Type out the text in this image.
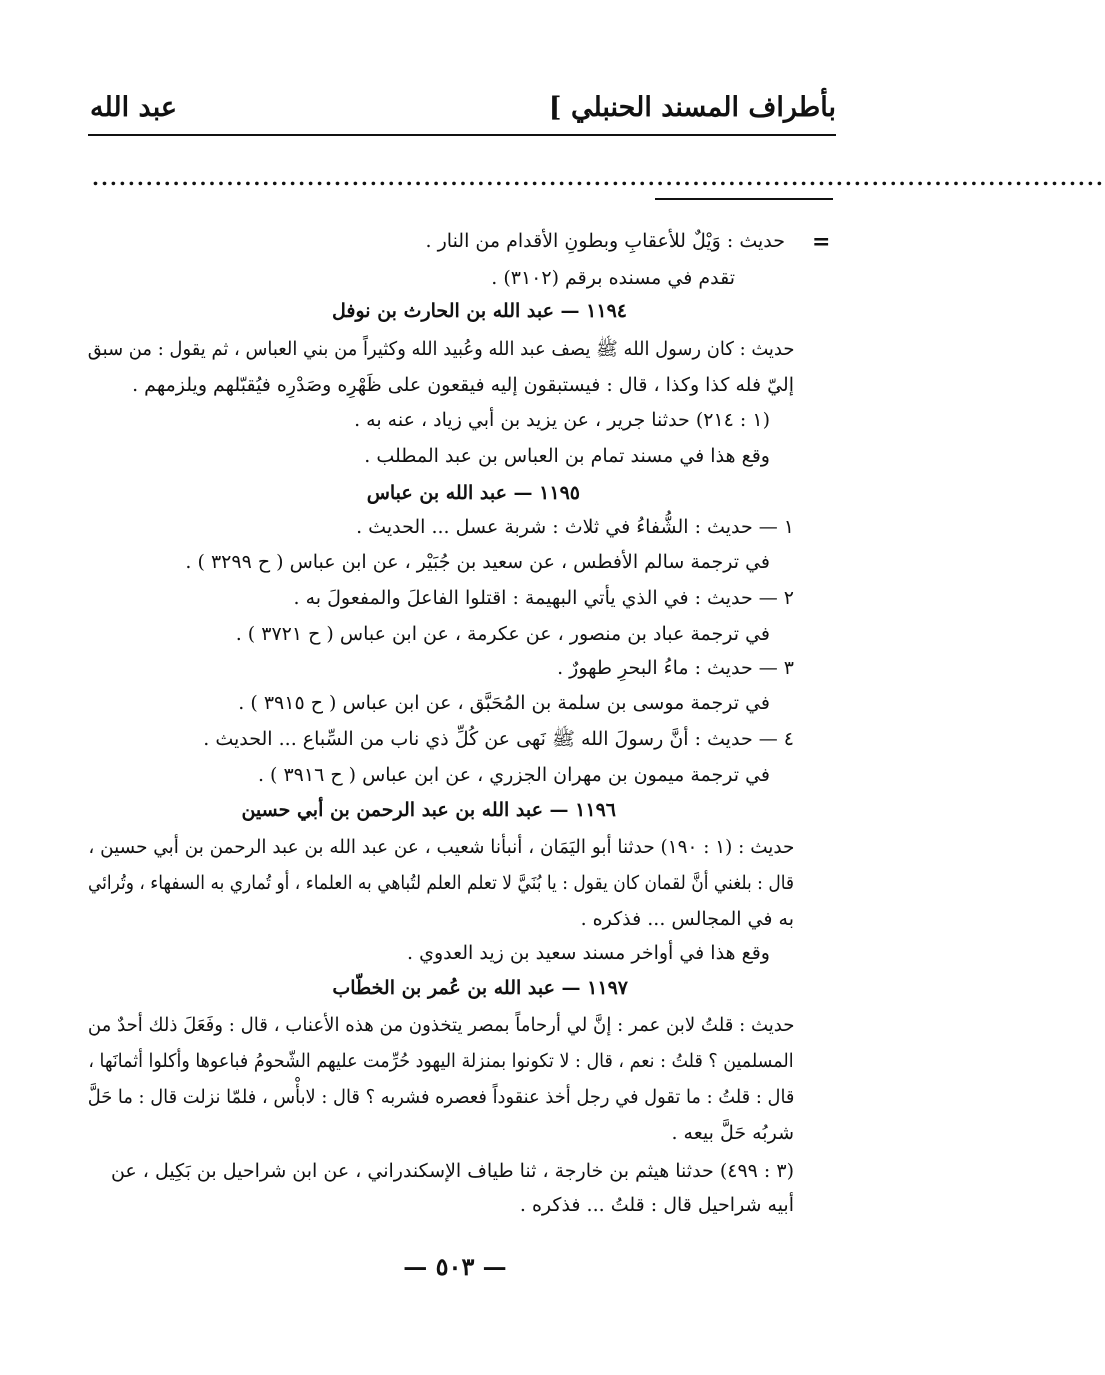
بأطراف المسند الحنبلي ]
عبد الله
.................................................................................................................
=
حديث : وَيْلٌ للأعقابِ وبطونِ الأقدام من النار .
تقدم في مسنده برقم (٣١٠٢) .
١١٩٤ — عبد الله بن الحارث بن نوفل
حديث : كان رسول الله ﷺ يصف عبد الله وعُبيد الله وكثيراً من بني العباس ، ثم يقول : من سبق
إليّ فله كذا وكذا ، قال : فيستبقون إليه فيقعون على ظَهْرِه وصَدْرِه فيُقبّلهم ويلزمهم .
(١ : ٢١٤) حدثنا جرير ، عن يزيد بن أبي زياد ، عنه به .
وقع هذا في مسند تمام بن العباس بن عبد المطلب .
١١٩٥ — عبد الله بن عباس
١ — حديث : الشُّفاءُ في ثلاث : شربة عسل ... الحديث .
في ترجمة سالم الأفطس ، عن سعيد بن جُبَيْر ، عن ابن عباس ( ح ٣٢٩٩ ) .
٢ — حديث : في الذي يأتي البهيمة : اقتلوا الفاعلَ والمفعولَ به .
في ترجمة عباد بن منصور ، عن عكرمة ، عن ابن عباس ( ح ٣٧٢١ ) .
٣ — حديث : ماءُ البحرِ طهورٌ .
في ترجمة موسى بن سلمة بن المُحَبَّق ، عن ابن عباس ( ح ٣٩١٥ ) .
٤ — حديث : أنَّ رسولَ الله ﷺ نَهى عن كُلِّ ذي ناب من السِّباع ... الحديث .
في ترجمة ميمون بن مهران الجزري ، عن ابن عباس ( ح ٣٩١٦ ) .
١١٩٦ — عبد الله بن عبد الرحمن بن أبي حسين
حديث : (١ : ١٩٠) حدثنا أبو اليَمَان ، أنبأنا شعيب ، عن عبد الله بن عبد الرحمن بن أبي حسين ،
قال : بلغني أنَّ لقمان كان يقول : يا بُنَيَّ لا تعلم العلم لتُباهي به العلماء ، أو تُماري به السفهاء ، وتُرائي
به في المجالس ... فذكره .
وقع هذا في أواخر مسند سعيد بن زيد العدوي .
١١٩٧ — عبد الله بن عُمر بن الخطّاب
حديث : قلتُ لابن عمر : إنَّ لي أرحاماً بمصر يتخذون من هذه الأعناب ، قال : وفَعَلَ ذلك أحدٌ من
المسلمين ؟ قلتُ : نعم ، قال : لا تكونوا بمنزلة اليهود حُرِّمت عليهم الشّحومُ فباعوها وأكلوا أثمانَها ،
قال : قلتُ : ما تقول في رجل أخذ عنقوداً فعصره فشربه ؟ قال : لابأْس ، فلمّا نزلت قال : ما حَلَّ
شربُه حَلَّ بيعه .
(٣ : ٤٩٩) حدثنا هيثم بن خارجة ، ثنا طياف الإسكندراني ، عن ابن شراحيل بن بَكِيل ، عن
أبيه شراحيل قال : قلتُ ... فذكره .
— ٥٠٣ —
